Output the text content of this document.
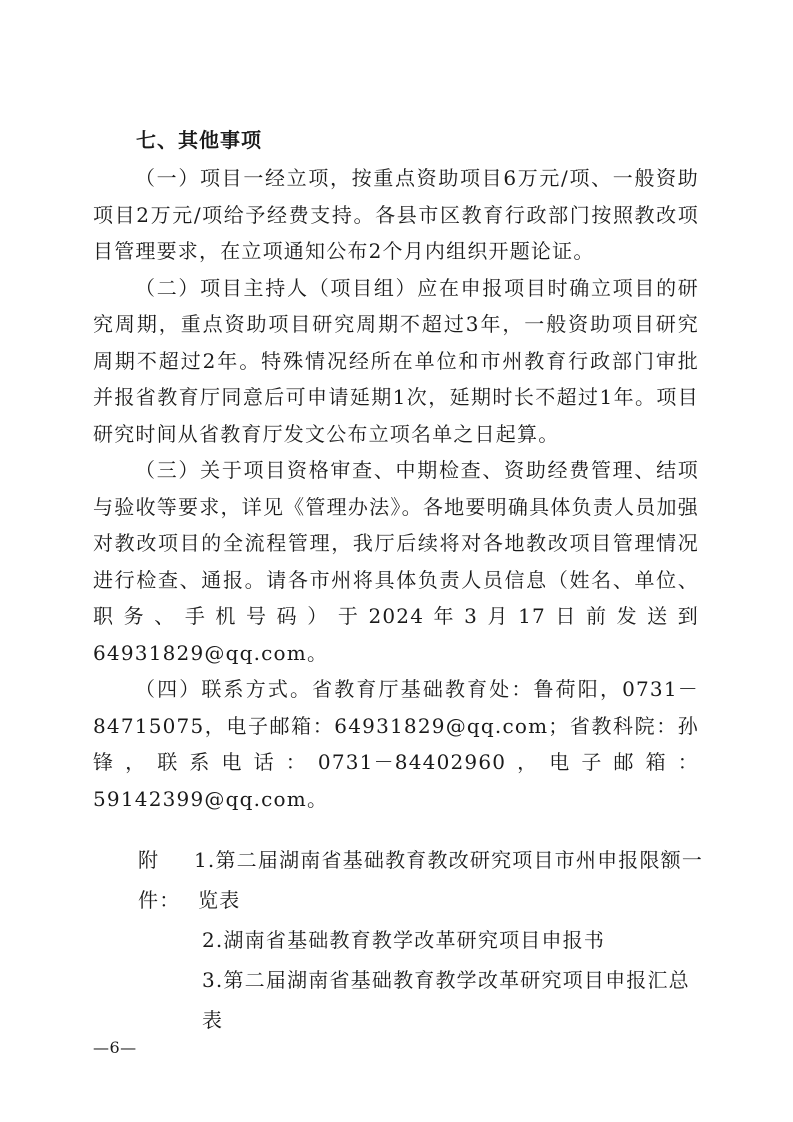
七、其他事项

（一）项目一经立项，按重点资助项目6万元/项、一般资助项目2万元/项给予经费支持。各县市区教育行政部门按照教改项目管理要求，在立项通知公布2个月内组织开题论证。

（二）项目主持人（项目组）应在申报项目时确立项目的研究周期，重点资助项目研究周期不超过3年，一般资助项目研究周期不超过2年。特殊情况经所在单位和市州教育行政部门审批并报省教育厅同意后可申请延期1次，延期时长不超过1年。项目研究时间从省教育厅发文公布立项名单之日起算。

（三）关于项目资格审查、中期检查、资助经费管理、结项与验收等要求，详见《管理办法》。各地要明确具体负责人员加强对教改项目的全流程管理，我厅后续将对各地教改项目管理情况进行检查、通报。请各市州将具体负责人员信息（姓名、单位、职务、手机号码）于2024年3月17日前发送到64931829@qq.com。

（四）联系方式。省教育厅基础教育处：鲁荷阳，0731－84715075，电子邮箱：64931829@qq.com；省教科院：孙锋，联系电话：0731－84402960，电子邮箱：59142399@qq.com。

附件：

1.第二届湖南省基础教育教改研究项目市州申报限额一览表

2.湖南省基础教育教学改革研究项目申报书

3.第二届湖南省基础教育教学改革研究项目申报汇总表

—6—
